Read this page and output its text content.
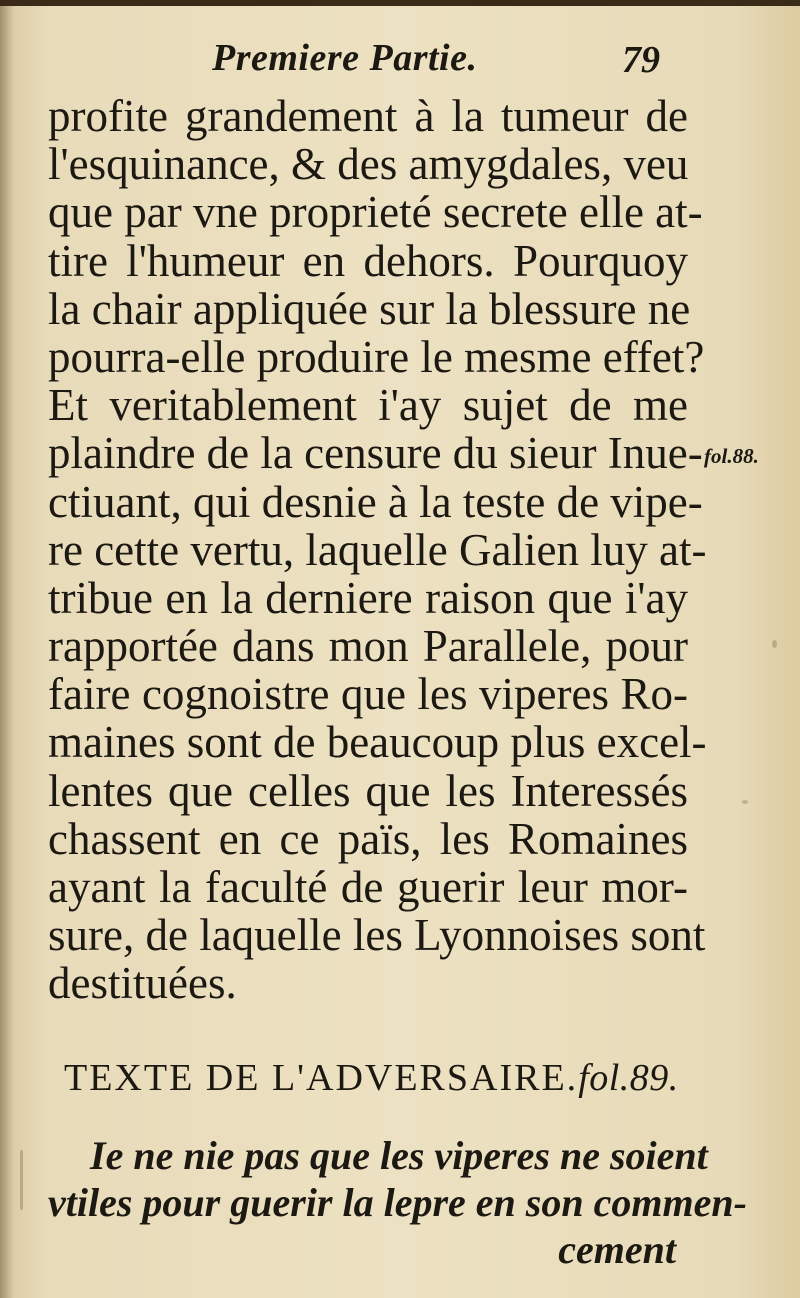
Premiere Partie.	79
profite grandement à la tumeur de
l'esquinance, & des amygdales, veu
que par vne proprieté secrete elle at-
tire l'humeur en dehors. Pourquoy
la chair appliquée sur la blessure ne
pourra-elle produire le mesme effet?
Et veritablement i'ay sujet de me
plaindre de la censure du sieur Inue-
ctiuant, qui desnie à la teste de vipe-
re cette vertu, laquelle Galien luy at-
tribue en la derniere raison que i'ay
rapportée dans mon Parallele, pour
faire cognoistre que les viperes Ro-
maines sont de beaucoup plus excel-
lentes que celles que les Interessés
chassent en ce païs, les Romaines
ayant la faculté de guerir leur mor-
sure, de laquelle les Lyonnoises sont
destituées.
fol.88.
TEXTE DE L'ADVERSAIRE.fol.89.
Ie ne nie pas que les viperes ne soient
vtiles pour guerir la lepre en son commen-
cement
